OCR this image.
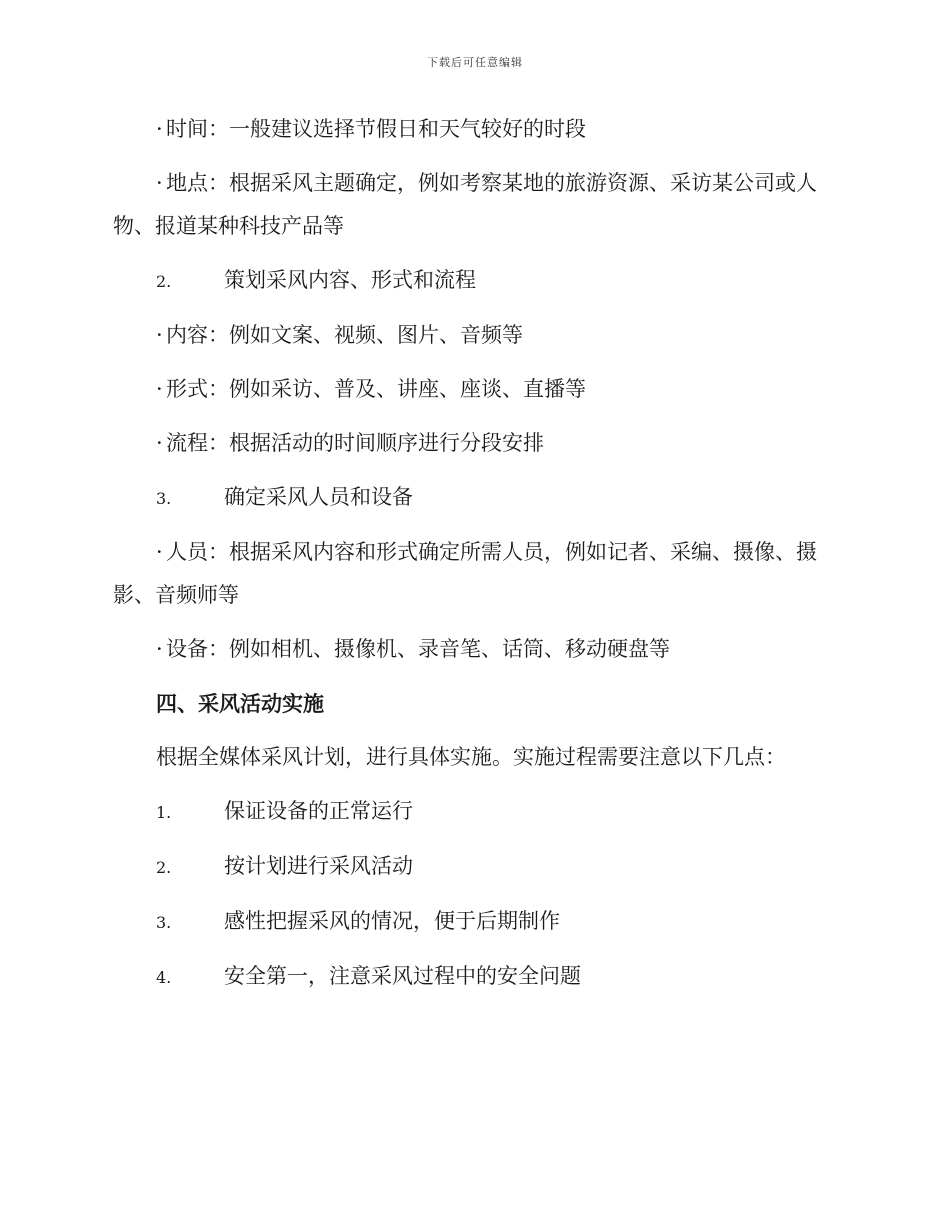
下载后可任意编辑

· 时间：一般建议选择节假日和天气较好的时段

· 地点：根据采风主题确定，例如考察某地的旅游资源、采访某公司或人物、报道某种科技产品等

2.	策划采风内容、形式和流程

· 内容：例如文案、视频、图片、音频等

· 形式：例如采访、普及、讲座、座谈、直播等

· 流程：根据活动的时间顺序进行分段安排

3.	确定采风人员和设备

· 人员：根据采风内容和形式确定所需人员，例如记者、采编、摄像、摄影、音频师等

· 设备：例如相机、摄像机、录音笔、话筒、移动硬盘等

四、采风活动实施

根据全媒体采风计划，进行具体实施。实施过程需要注意以下几点：

1.	保证设备的正常运行
2.	按计划进行采风活动
3.	感性把握采风的情况，便于后期制作
4.	安全第一，注意采风过程中的安全问题
